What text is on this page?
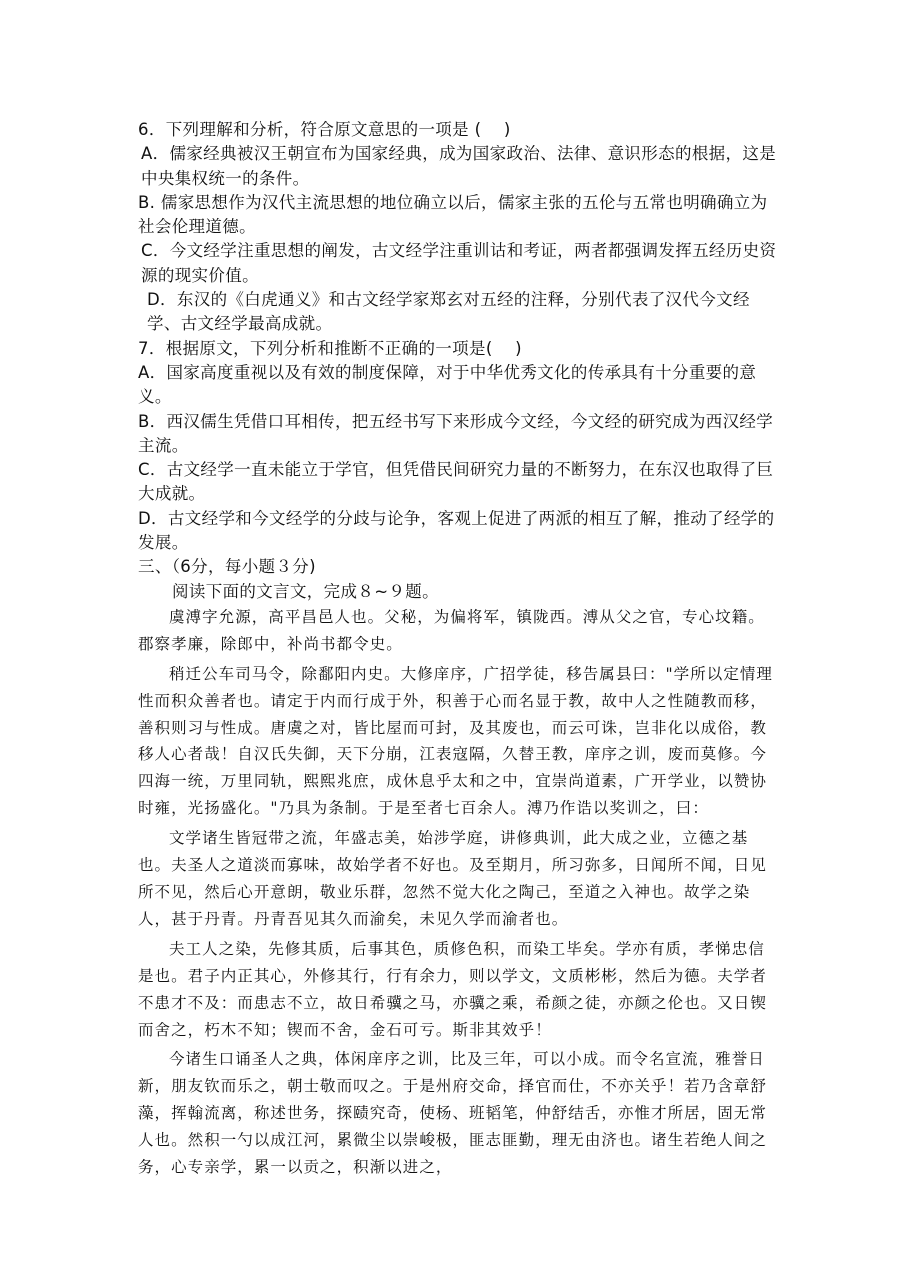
6．下列理解和分析，符合原文意思的一项是 (　 )

A．儒家经典被汉王朝宣布为国家经典，成为国家政治、法律、意识形态的根据，这是中央集权统一的条件。

B. 儒家思想作为汉代主流思想的地位确立以后，儒家主张的五伦与五常也明确确立为社会伦理道德。

C．今文经学注重思想的阐发，古文经学注重训诂和考证，两者都强调发挥五经历史资源的现实价值。

D．东汉的《白虎通义》和古文经学家郑玄对五经的注释，分别代表了汉代今文经学、古文经学最高成就。

7．根据原文，下列分析和推断不正确的一项是(　 )

A．国家高度重视以及有效的制度保障，对于中华优秀文化的传承具有十分重要的意义。

B．西汉儒生凭借口耳相传，把五经书写下来形成今文经，今文经的研究成为西汉经学主流。

C．古文经学一直未能立于学官，但凭借民间研究力量的不断努力，在东汉也取得了巨大成就。

D．古文经学和今文经学的分歧与论争，客观上促进了两派的相互了解，推动了经学的发展。

三、（6分，每小题３分)

阅读下面的文言文，完成８~９题。

虞溥字允源，高平昌邑人也。父秘，为偏将军，镇陇西。溥从父之官，专心坟籍。郡察孝廉，除郎中，补尚书都令史。

稍迁公车司马令，除鄱阳内史。大修庠序，广招学徒，移告属县曰："学所以定情理性而积众善者也。请定于内而行成于外，积善于心而名显于教，故中人之性随教而移，善积则习与性成。唐虞之对，皆比屋而可封，及其废也，而云可诛，岂非化以成俗，教移人心者哉！自汉氏失御，天下分崩，江表寇隔，久替王教，庠序之训，废而莫修。今四海一统，万里同轨，熙熙兆庶，成休息乎太和之中，宜崇尚道素，广开学业，以赞协时雍，光扬盛化。"乃具为条制。于是至者七百余人。溥乃作诰以奖训之，曰：

文学诸生皆冠带之流，年盛志美，始涉学庭，讲修典训，此大成之业，立德之基也。夫圣人之道淡而寡味，故始学者不好也。及至期月，所习弥多，日闻所不闻，日见所不见，然后心开意朗，敬业乐群，忽然不觉大化之陶己，至道之入神也。故学之染人，甚于丹青。丹青吾见其久而渝矣，未见久学而渝者也。

夫工人之染，先修其质，后事其色，质修色积，而染工毕矣。学亦有质，孝悌忠信是也。君子内正其心，外修其行，行有余力，则以学文，文质彬彬，然后为德。夫学者不患才不及：而患志不立，故日希骥之马，亦骥之乘，希颜之徒，亦颜之伦也。又日锲而舍之，朽木不知；锲而不舍，金石可亏。斯非其效乎！

今诸生口诵圣人之典，体闲庠序之训，比及三年，可以小成。而令名宣流，雅誉日新，朋友钦而乐之，朝士敬而叹之。于是州府交命，择官而仕，不亦关乎！若乃含章舒藻，挥翰流离，称述世务，探赜究奇，使杨、班韬笔，仲舒结舌，亦惟才所居，固无常人也。然积一勺以成江河，累微尘以崇峻极，匪志匪勤，理无由济也。诸生若绝人间之务，心专亲学，累一以贡之，积渐以进之，
